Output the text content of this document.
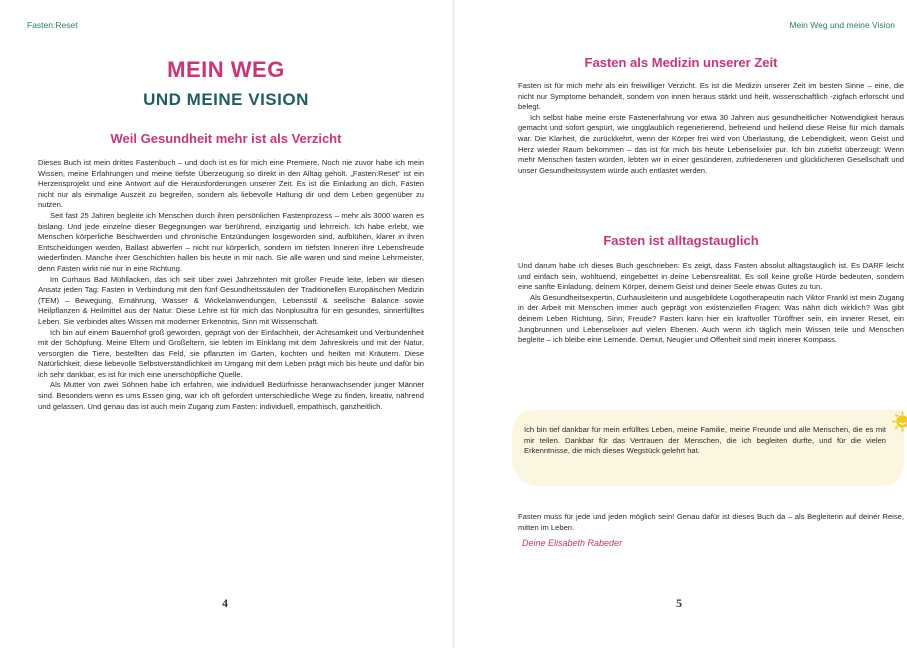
Fasten:Reset
MEIN WEG
UND MEINE VISION
Weil Gesundheit mehr ist als Verzicht

Dieses Buch ist mein drittes Fastenbuch – und doch ist es für mich eine Premiere. Noch nie zuvor habe ich mein Wissen, meine Erfahrungen und meine tiefste Überzeugung so direkt in den Alltag geholt. „Fasten:Reset“ ist ein Herzensprojekt und eine Antwort auf die Herausforderungen unserer Zeit. Es ist die Einladung an dich, Fasten nicht nur als einmalige Auszeit zu begreifen, sondern als liebevolle Haltung dir und dem Leben gegenüber zu nutzen.

Seit fast 25 Jahren begleite ich Menschen durch ihren persönlichen Fastenprozess – mehr als 3000 waren es bislang. Und jede einzelne dieser Begegnungen war berührend, einzigartig und lehrreich. Ich habe erlebt, wie Menschen körperliche Beschwerden und chronische Entzündungen losgeworden sind, aufblühen, klarer in ihren Entscheidungen werden, Ballast abwerfen – nicht nur körperlich, sondern im tiefsten Inneren ihre Lebensfreude wiederfinden. Manche ihrer Geschichten hallen bis heute in mir nach. Sie alle waren und sind meine Lehrmeister, denn Fasten wirkt nie nur in eine Richtung.

Im Curhaus Bad Mühllacken, das ich seit über zwei Jahrzehnten mit großer Freude leite, leben wir diesen Ansatz jeden Tag: Fasten in Verbindung mit den fünf Gesundheitssäulen der Traditionellen Europäischen Medizin (TEM) – Bewegung, Ernährung, Wasser & Wickelanwendungen, Lebensstil & seelische Balance sowie Heilpflanzen & Heilmittel aus der Natur. Diese Lehre ist für mich das Nonplusultra für ein gesundes, sinnerfülltes Leben. Sie verbindet altes Wissen mit moderner Erkenntnis, Sinn mit Wissenschaft.

Ich bin auf einem Bauernhof groß geworden, geprägt von der Einfachheit, der Achtsamkeit und Verbundenheit mit der Schöpfung. Meine Eltern und Großeltern, sie lebten im Einklang mit dem Jahreskreis und mit der Natur, versorgten die Tiere, bestellten das Feld, sie pflanzten im Garten, kochten und heilten mit Kräutern. Diese Natürlichkeit, diese liebevolle Selbstverständlichkeit im Umgang mit dem Leben prägt mich bis heute und dafür bin ich sehr dankbar, es ist für mich eine unerschöpfliche Quelle.

Als Mutter von zwei Söhnen habe ich erfahren, wie individuell Bedürfnisse heranwachsender junger Männer sind. Besonders wenn es ums Essen ging, war ich oft gefordert unterschiedliche Wege zu finden, kreativ, nährend und gelassen. Und genau das ist auch mein Zugang zum Fasten: individuell, empathisch, ganzheitlich.

4
Mein Weg und meine Vision
Fasten als Medizin unserer Zeit

Fasten ist für mich mehr als ein freiwilliger Verzicht. Es ist die Medizin unserer Zeit im besten Sinne – eine, die nicht nur Symptome behandelt, sondern von innen heraus stärkt und heilt, wissenschaftlich -zigfach erforscht und belegt.

Ich selbst habe meine erste Fastenerfahrung vor etwa 30 Jahren aus gesundheitlicher Notwendigkeit heraus gemacht und sofort gespürt, wie ungglaublich regenerierend, befreiend und heilend diese Reise für mich damals war. Die Klarheit, die zurückkehrt, wenn der Körper frei wird von Überlastung, die Lebendigkeit, wenn Geist und Herz wieder Raum bekommen – das ist für mich bis heute Lebenselixier pur. Ich bin zutiefst überzeugt: Wenn mehr Menschen fasten würden, lebten wir in einer gesünderen, zufriedeneren und glücklicheren Gesellschaft und unser Gesundheitssystem würde auch entlastet werden.

Fasten ist alltagstauglich

Und darum habe ich dieses Buch geschrieben: Es zeigt, dass Fasten absolut alltagstauglich ist. Es DARF leicht und einfach sein, wohltuend, eingebettet in deine Lebensrealität. Es soll keine große Hürde bedeuten, sondern eine sanfte Einladung, deinem Körper, deinem Geist und deiner Seele etwas Gutes zu tun.

Als Gesundheitsexpertin, Curhausleiterin und ausgebildete Logotherapeutin nach Viktor Frankl ist mein Zugang in der Arbeit mit Menschen immer auch geprägt von existenziellen Fragen: Was nährt dich wirklich? Was gibt deinem Leben Richtung, Sinn, Freude? Fasten kann hier ein kraftvoller Türöffner sein, ein innerer Reset, ein Jungbrunnen und Lebenselixier auf vielen Ebenen. Auch wenn ich täglich mein Wissen teile und Menschen begleite – ich bleibe eine Lernende. Demut, Neugier und Offenheit sind mein innerer Kompass.

Ich bin tief dankbar für mein erfülltes Leben, meine Familie, meine Freunde und alle Menschen, die es mit mir teilen. Dankbar für das Vertrauen der Menschen, die ich begleiten durfte, und für die vielen Erkenntnisse, die mich dieses Wegstück gelehrt hat.
Fasten muss für jede und jeden möglich sein! Genau dafür ist dieses Buch da – als Begleiterin auf deiner Reise, mitten im Leben.
Deine Elisabeth Rabeder
5
